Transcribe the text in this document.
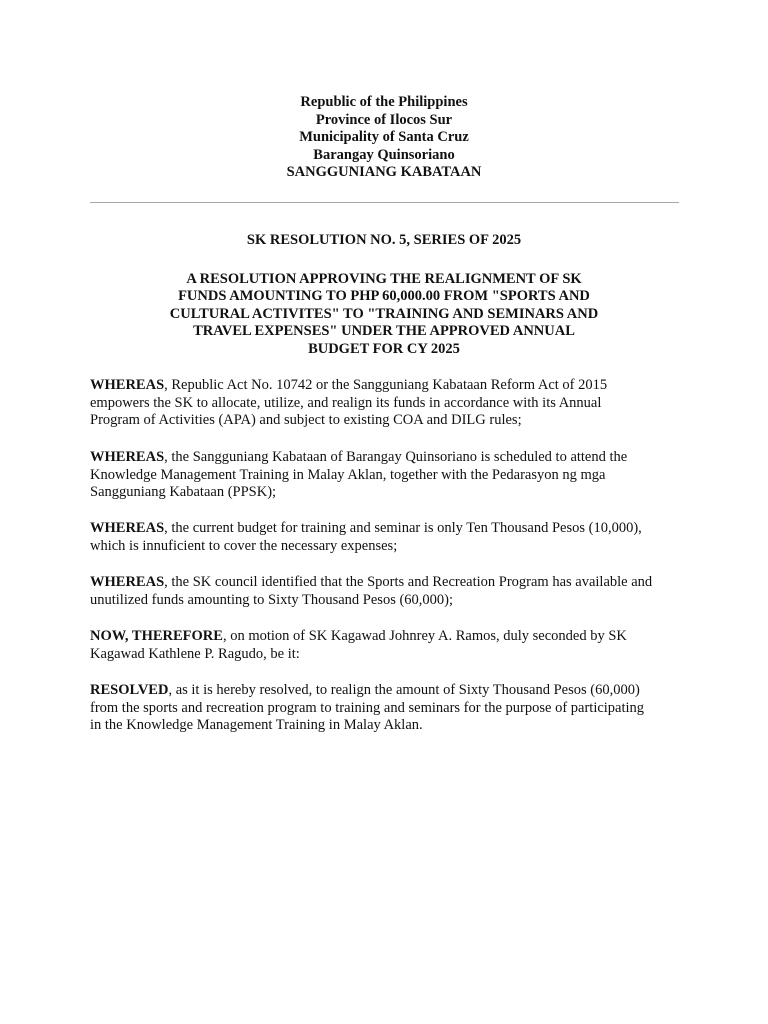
Republic of the Philippines
Province of Ilocos Sur
Municipality of Santa Cruz
Barangay Quinsoriano
SANGGUNIANG KABATAAN
SK RESOLUTION NO. 5, SERIES OF 2025
A RESOLUTION APPROVING THE REALIGNMENT OF SK
FUNDS AMOUNTING TO PHP 60,000.00 FROM "SPORTS AND
CULTURAL ACTIVITES" TO "TRAINING AND SEMINARS AND
TRAVEL EXPENSES" UNDER THE APPROVED ANNUAL
BUDGET FOR CY 2025

WHEREAS, Republic Act No. 10742 or the Sangguniang Kabataan Reform Act of 2015
empowers the SK to allocate, utilize, and realign its funds in accordance with its Annual
Program of Activities (APA) and subject to existing COA and DILG rules;

WHEREAS, the Sangguniang Kabataan of Barangay Quinsoriano is scheduled to attend the
Knowledge Management Training in Malay Aklan, together with the Pedarasyon ng mga
Sangguniang Kabataan (PPSK);

WHEREAS, the current budget for training and seminar is only Ten Thousand Pesos (10,000),
which is innuficient to cover the necessary expenses;

WHEREAS, the SK council identified that the Sports and Recreation Program has available and
unutilized funds amounting to Sixty Thousand Pesos (60,000);

NOW, THEREFORE, on motion of SK Kagawad Johnrey A. Ramos, duly seconded by SK
Kagawad Kathlene P. Ragudo, be it:

RESOLVED, as it is hereby resolved, to realign the amount of Sixty Thousand Pesos (60,000)
from the sports and recreation program to training and seminars for the purpose of participating
in the Knowledge Management Training in Malay Aklan.
